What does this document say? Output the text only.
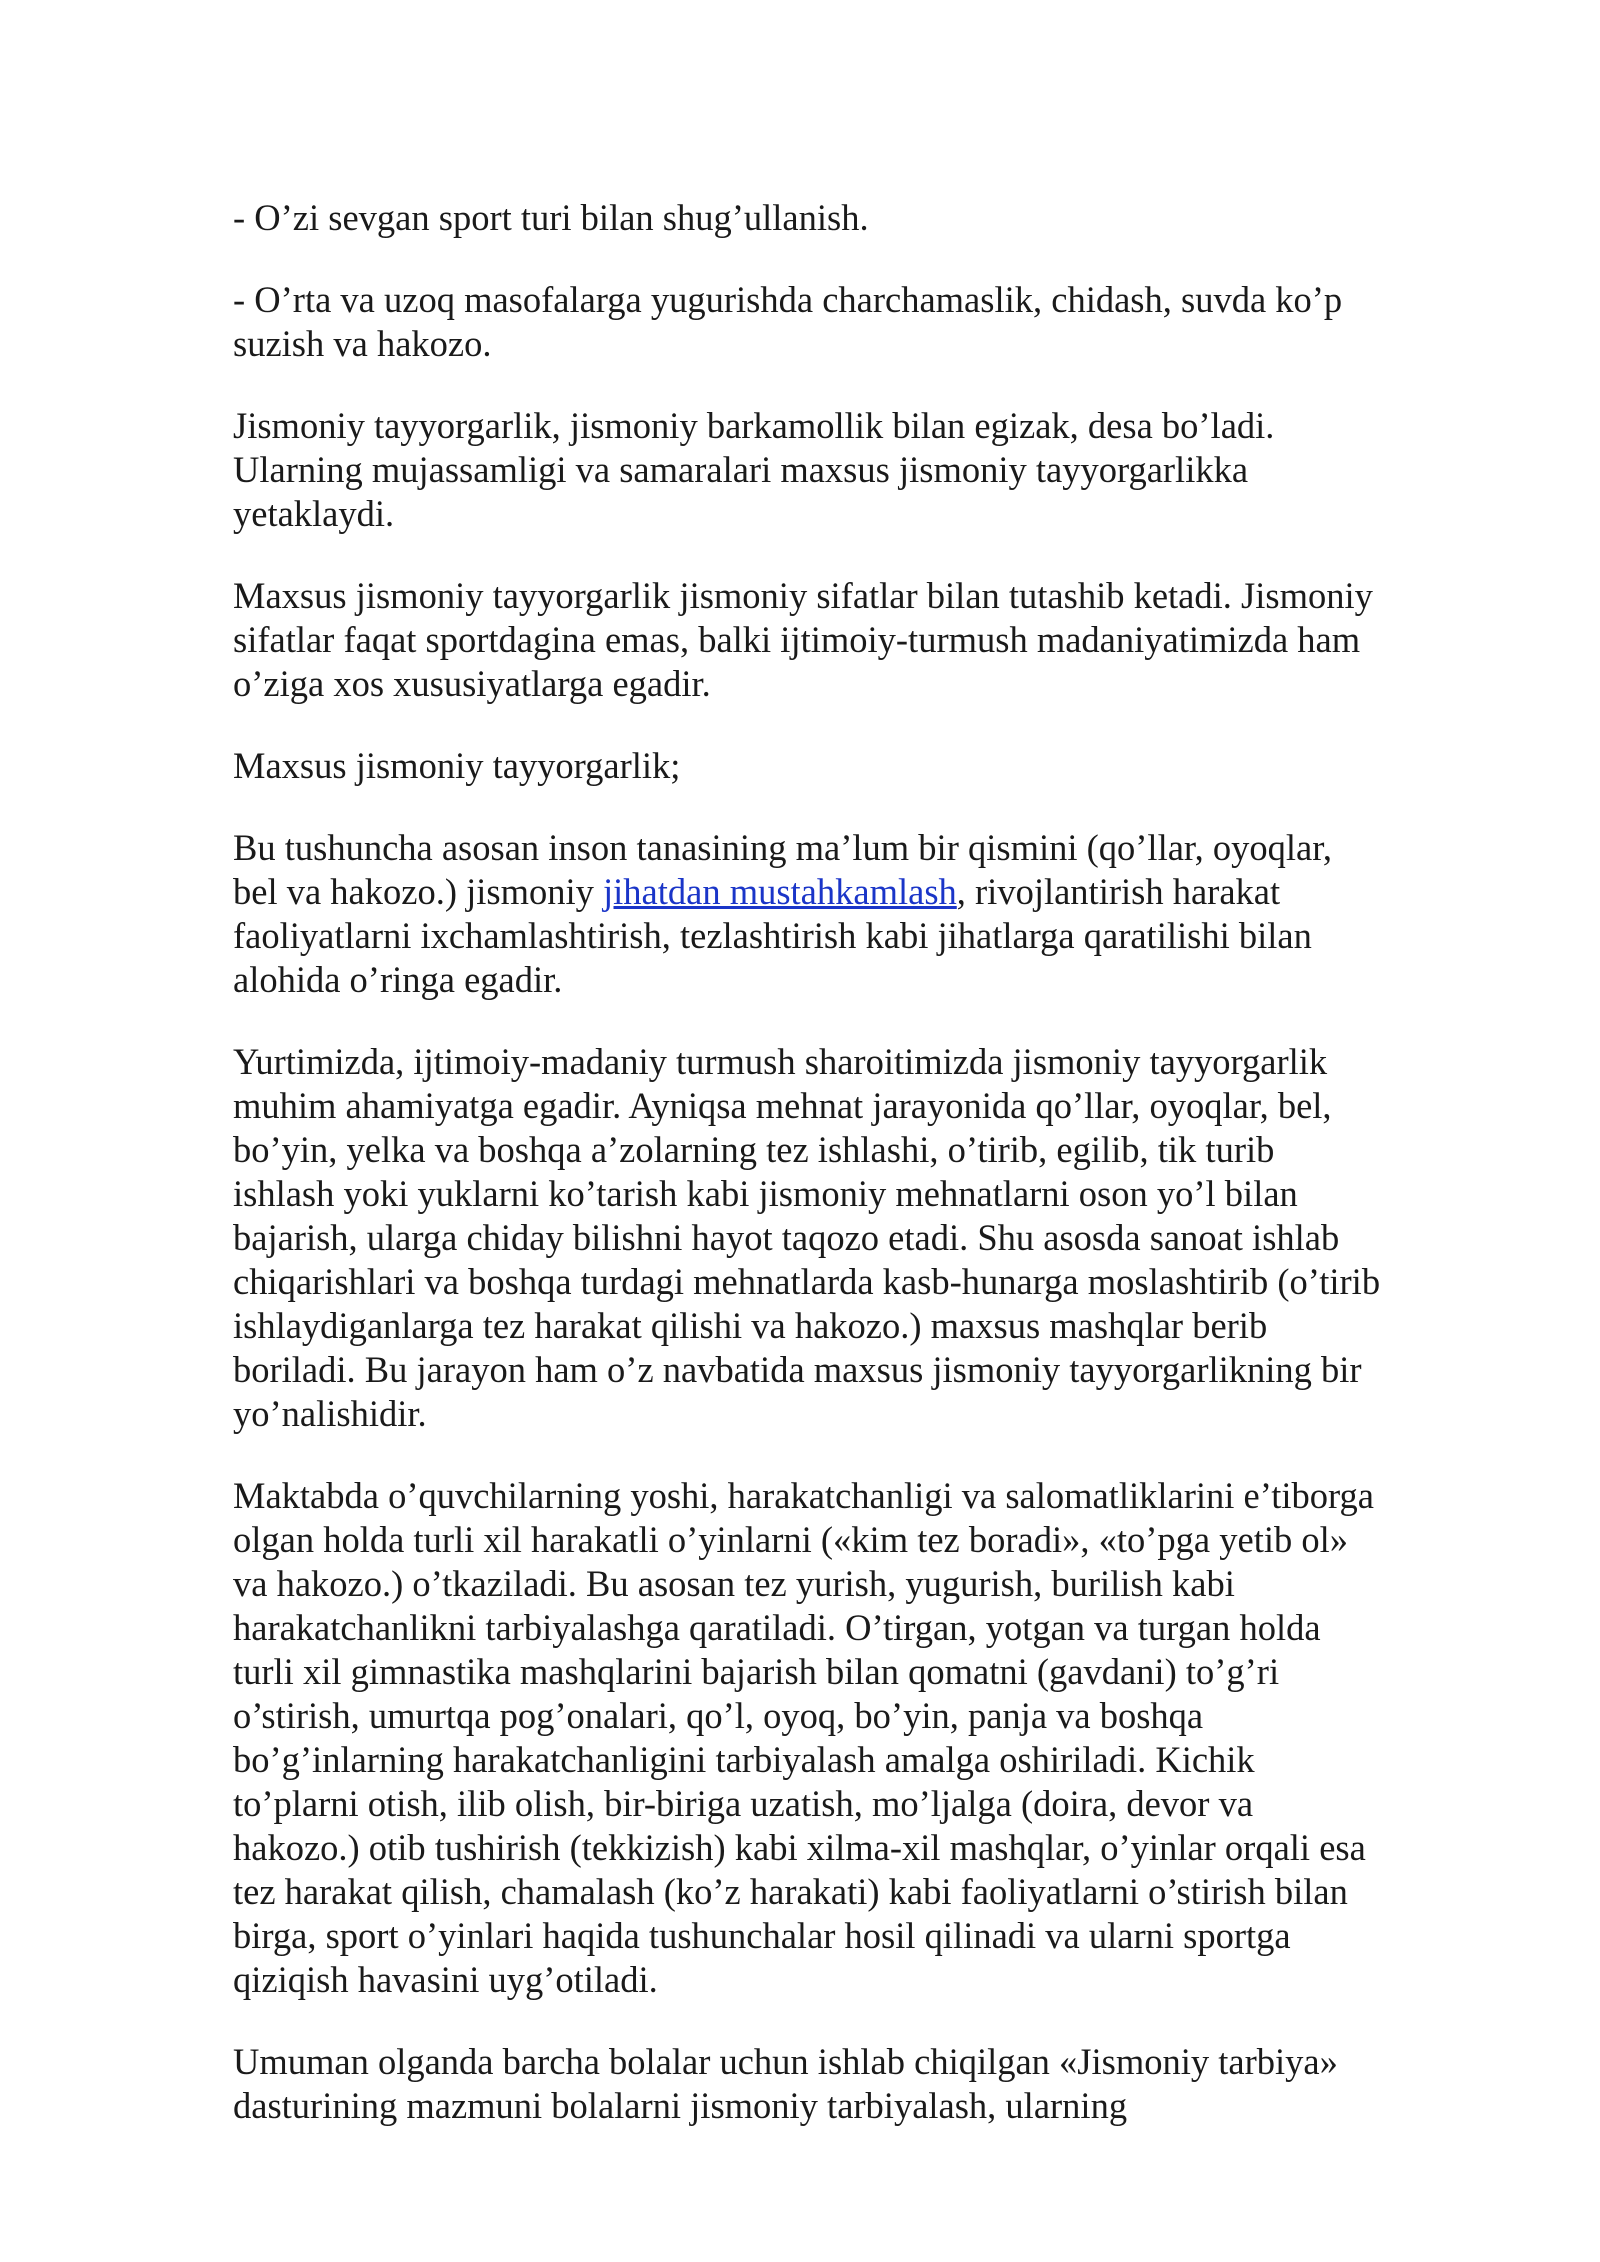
- O’zi sevgan sport turi bilan shug’ullanish.

- O’rta va uzoq masofalarga yugurishda charchamaslik, chidash, suvda ko’p suzish va hakozo.

Jismoniy tayyorgarlik, jismoniy barkamollik bilan egizak, desa bo’ladi. Ularning mujassamligi va samaralari maxsus jismoniy tayyorgarlikka yetaklaydi.

Maxsus jismoniy tayyorgarlik jismoniy sifatlar bilan tutashib ketadi. Jismoniy sifatlar faqat sportdagina emas, balki ijtimoiy-turmush madaniyatimizda ham o’ziga xos xususiyatlarga egadir.

Maxsus jismoniy tayyorgarlik;

Bu tushuncha asosan inson tanasining ma’lum bir qismini (qo’llar, oyoqlar, bel va hakozo.) jismoniy jihatdan mustahkamlash, rivojlantirish harakat faoliyatlarni ixchamlashtirish, tezlashtirish kabi jihatlarga qaratilishi bilan alohida o’ringa egadir.

Yurtimizda, ijtimoiy-madaniy turmush sharoitimizda jismoniy tayyorgarlik muhim ahamiyatga egadir. Ayniqsa mehnat jarayonida qo’llar, oyoqlar, bel, bo’yin, yelka va boshqa a’zolarning tez ishlashi, o’tirib, egilib, tik turib ishlash yoki yuklarni ko’tarish kabi jismoniy mehnatlarni oson yo’l bilan bajarish, ularga chiday bilishni hayot taqozo etadi. Shu asosda sanoat ishlab chiqarishlari va boshqa turdagi mehnatlarda kasb-hunarga moslashtirib (o’tirib ishlaydiganlarga tez harakat qilishi va hakozo.) maxsus mashqlar berib boriladi. Bu jarayon ham o’z navbatida maxsus jismoniy tayyorgarlikning bir yo’nalishidir.

Maktabda o’quvchilarning yoshi, harakatchanligi va salomatliklarini e’tiborga olgan holda turli xil harakatli o’yinlarni («kim tez boradi», «to’pga yetib ol» va hakozo.) o’tkaziladi. Bu asosan tez yurish, yugurish, burilish kabi harakatchanlikni tarbiyalashga qaratiladi. O’tirgan, yotgan va turgan holda turli xil gimnastika mashqlarini bajarish bilan qomatni (gavdani) to’g’ri o’stirish, umurtqa pog’onalari, qo’l, oyoq, bo’yin, panja va boshqa bo’g’inlarning harakatchanligini tarbiyalash amalga oshiriladi. Kichik to’plarni otish, ilib olish, bir-biriga uzatish, mo’ljalga (doira, devor va hakozo.) otib tushirish (tekkizish) kabi xilma-xil mashqlar, o’yinlar orqali esa tez harakat qilish, chamalash (ko’z harakati) kabi faoliyatlarni o’stirish bilan birga, sport o’yinlari haqida tushunchalar hosil qilinadi va ularni sportga qiziqish havasini uyg’otiladi.

Umuman olganda barcha bolalar uchun ishlab chiqilgan «Jismoniy tarbiya» dasturining mazmuni bolalarni jismoniy tarbiyalash, ularning
